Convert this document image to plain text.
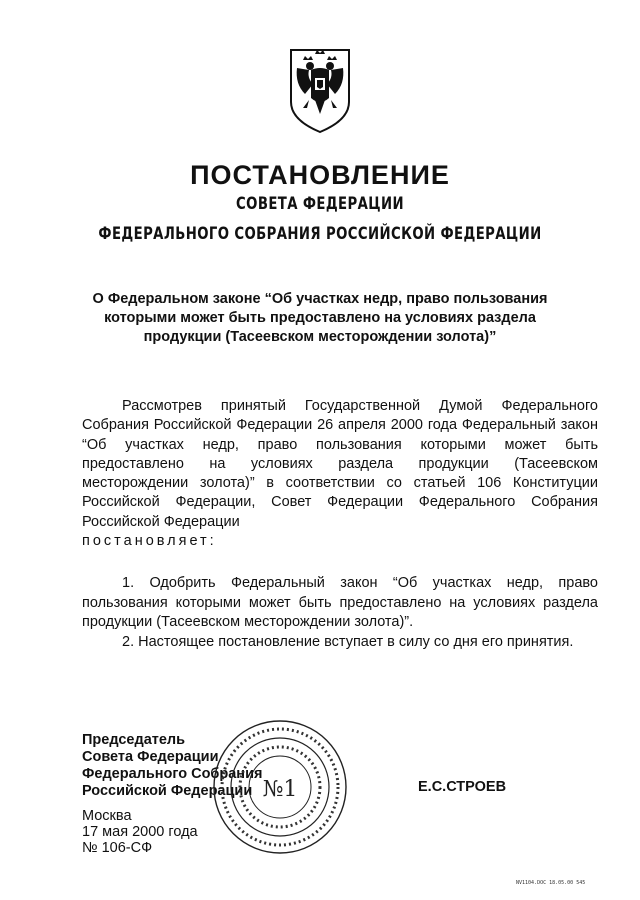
ПОСТАНОВЛЕНИЕ
СОВЕТА ФЕДЕРАЦИИ
ФЕДЕРАЛЬНОГО СОБРАНИЯ РОССИЙСКОЙ ФЕДЕРАЦИИ
О Федеральном законе “Об участках недр, право пользования
которыми может быть предоставлено на условиях раздела
продукции (Тасеевском месторождении золота)”

Рассмотрев принятый Государственной Думой Федерального Собрания Российской Федерации 26 апреля 2000 года Федеральный закон “Об участках недр, право пользования которыми может быть предоставлено на условиях раздела продукции (Тасеевском месторождении золота)” в соответствии со статьей 106 Конституции Российской Федерации, Совет Федерации Федерального Собрания Российской Федерации
постановляет:

1. Одобрить Федеральный закон “Об участках недр, право пользования которыми может быть предоставлено на условиях раздела продукции (Тасеевском месторождении золота)”.

2. Настоящее постановление вступает в силу со дня его принятия.

Председатель
Совета Федерации
Федерального Собрания
Российской Федерации	Е.С.СТРОЕВ
Москва
17 мая 2000 года
№ 106-СФ
№1
NV1104.DOC 18.05.00 545
